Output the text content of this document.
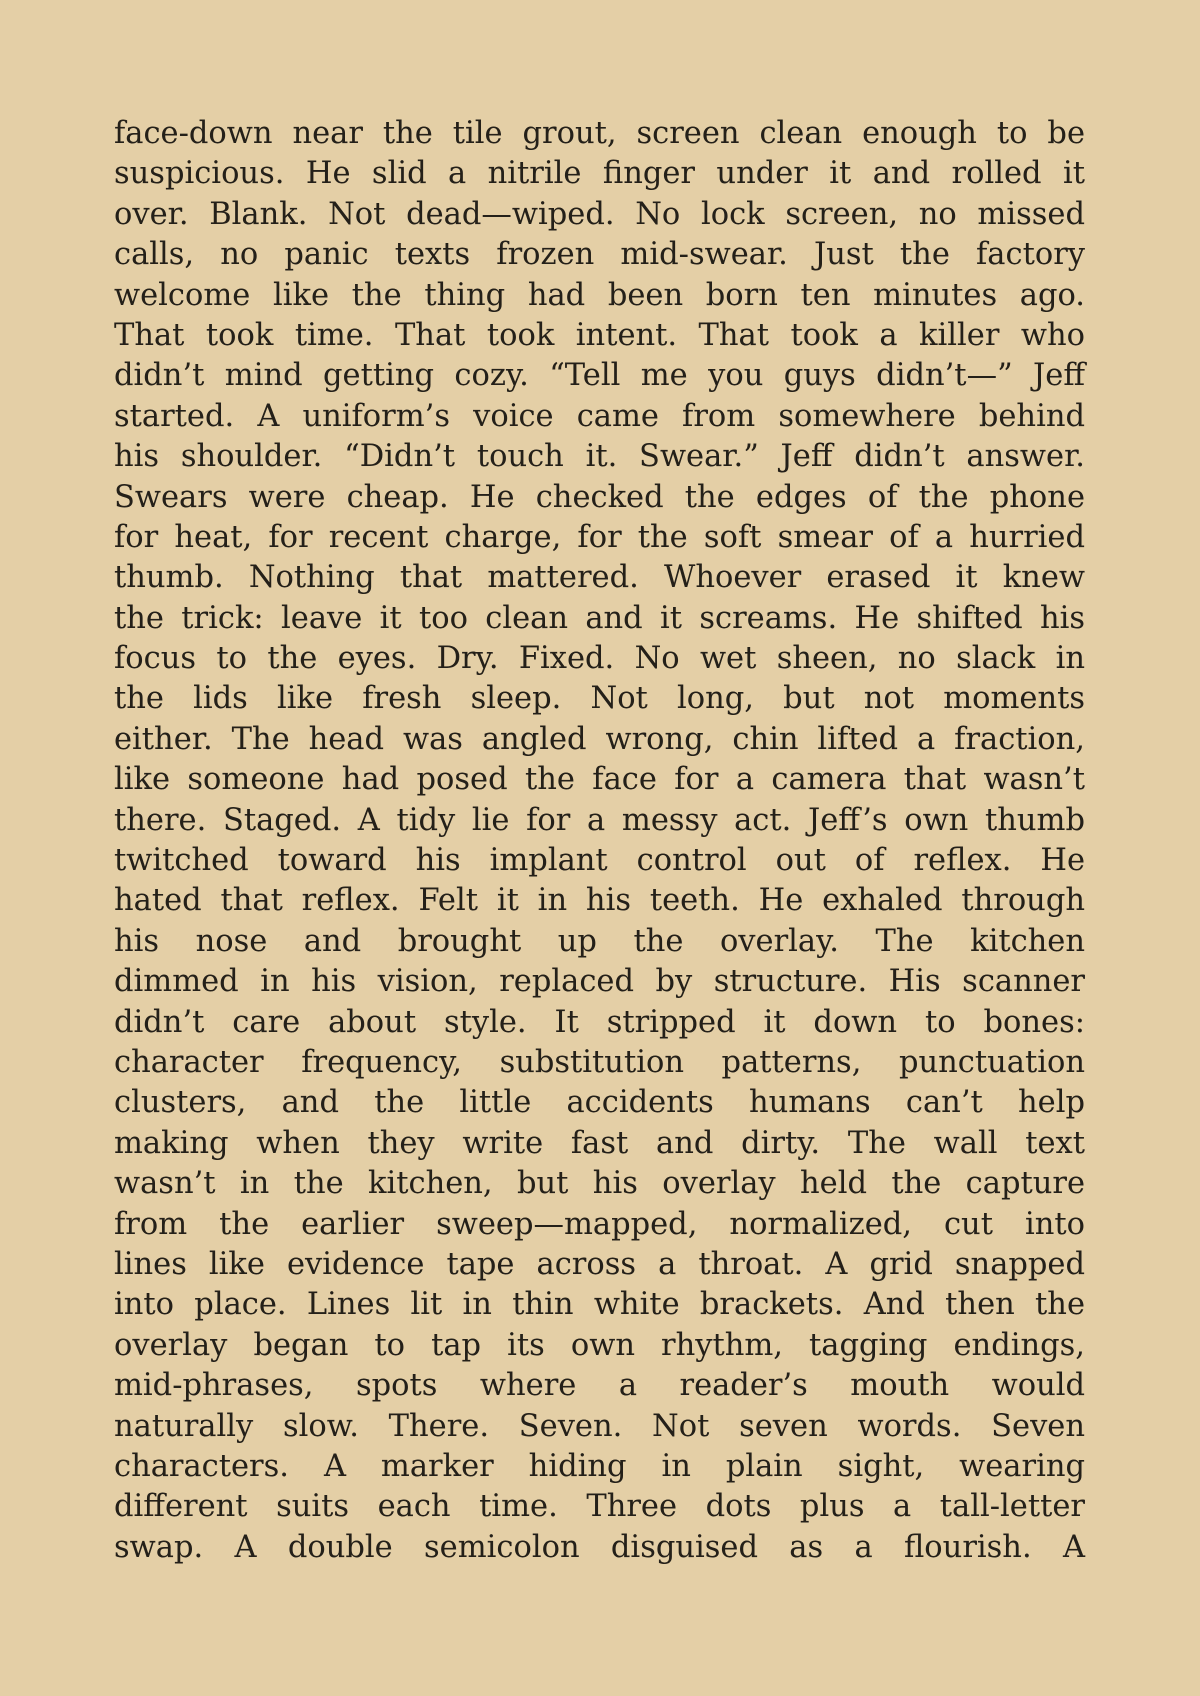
face-down near the tile grout, screen clean enough to be
suspicious. He slid a nitrile finger under it and rolled it
over. Blank. Not dead—wiped. No lock screen, no missed
calls, no panic texts frozen mid-swear. Just the factory
welcome like the thing had been born ten minutes ago.
That took time. That took intent. That took a killer who
didn’t mind getting cozy. “Tell me you guys didn’t—” Jeff
started. A uniform’s voice came from somewhere behind
his shoulder. “Didn’t touch it. Swear.” Jeff didn’t answer.
Swears were cheap. He checked the edges of the phone
for heat, for recent charge, for the soft smear of a hurried
thumb. Nothing that mattered. Whoever erased it knew
the trick: leave it too clean and it screams. He shifted his
focus to the eyes. Dry. Fixed. No wet sheen, no slack in
the lids like fresh sleep. Not long, but not moments
either. The head was angled wrong, chin lifted a fraction,
like someone had posed the face for a camera that wasn’t
there. Staged. A tidy lie for a messy act. Jeff’s own thumb
twitched toward his implant control out of reflex. He
hated that reflex. Felt it in his teeth. He exhaled through
his nose and brought up the overlay. The kitchen
dimmed in his vision, replaced by structure. His scanner
didn’t care about style. It stripped it down to bones:
character frequency, substitution patterns, punctuation
clusters, and the little accidents humans can’t help
making when they write fast and dirty. The wall text
wasn’t in the kitchen, but his overlay held the capture
from the earlier sweep—mapped, normalized, cut into
lines like evidence tape across a throat. A grid snapped
into place. Lines lit in thin white brackets. And then the
overlay began to tap its own rhythm, tagging endings,
mid-phrases, spots where a reader’s mouth would
naturally slow. There. Seven. Not seven words. Seven
characters. A marker hiding in plain sight, wearing
different suits each time. Three dots plus a tall-letter
swap. A double semicolon disguised as a flourish. A
